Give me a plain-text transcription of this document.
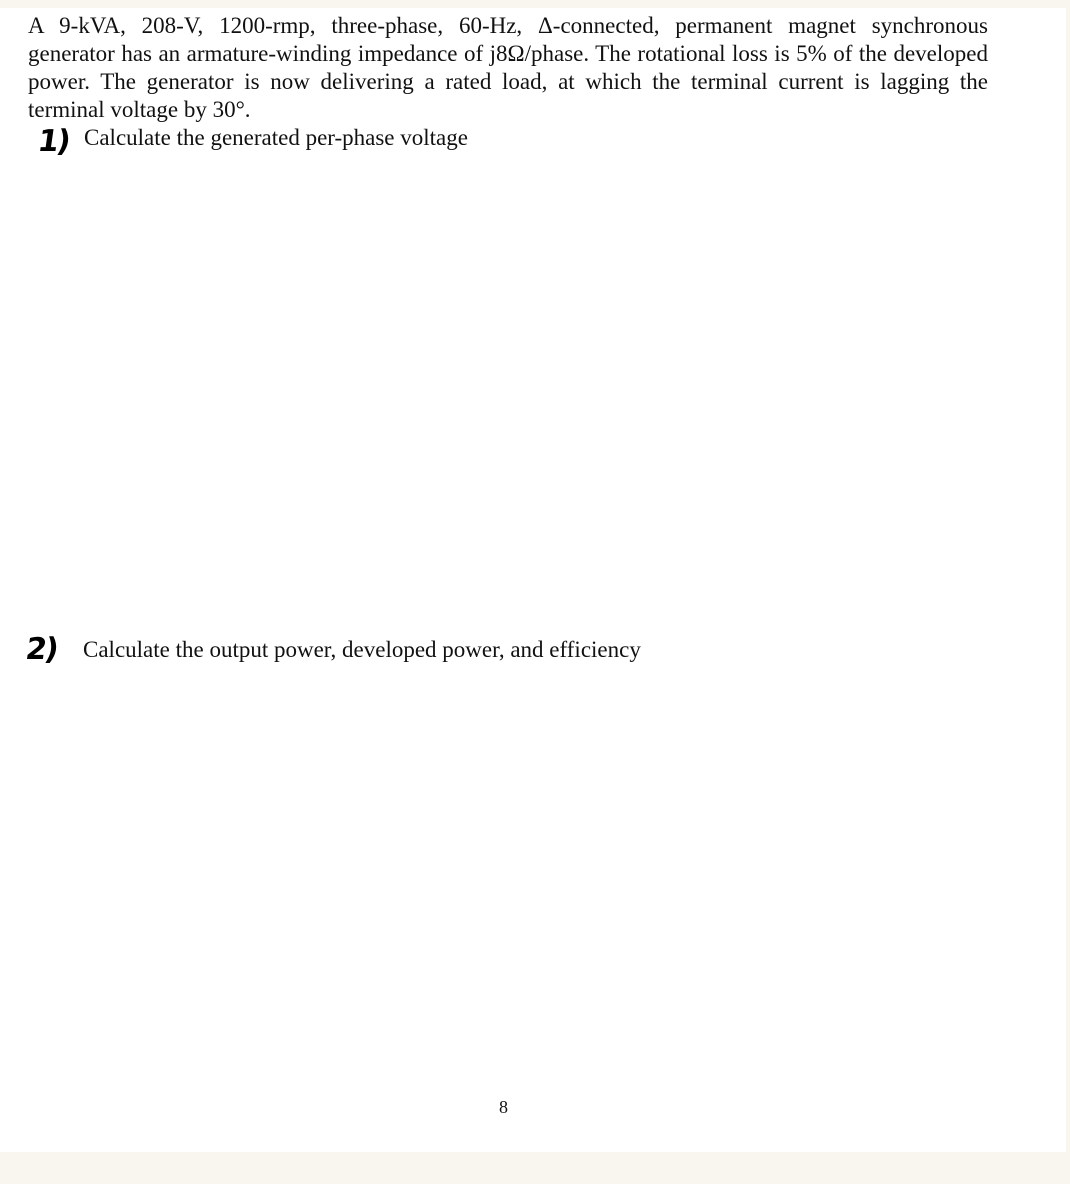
A 9-kVA, 208-V, 1200-rmp, three-phase, 60-Hz, Δ-connected, permanent magnet synchronous generator has an armature-winding impedance of j8Ω/phase. The rotational loss is 5% of the developed power. The generator is now delivering a rated load, at which the terminal current is lagging the terminal voltage by 30°.

1) Calculate the generated per-phase voltage

2) Calculate the output power, developed power, and efficiency

8
